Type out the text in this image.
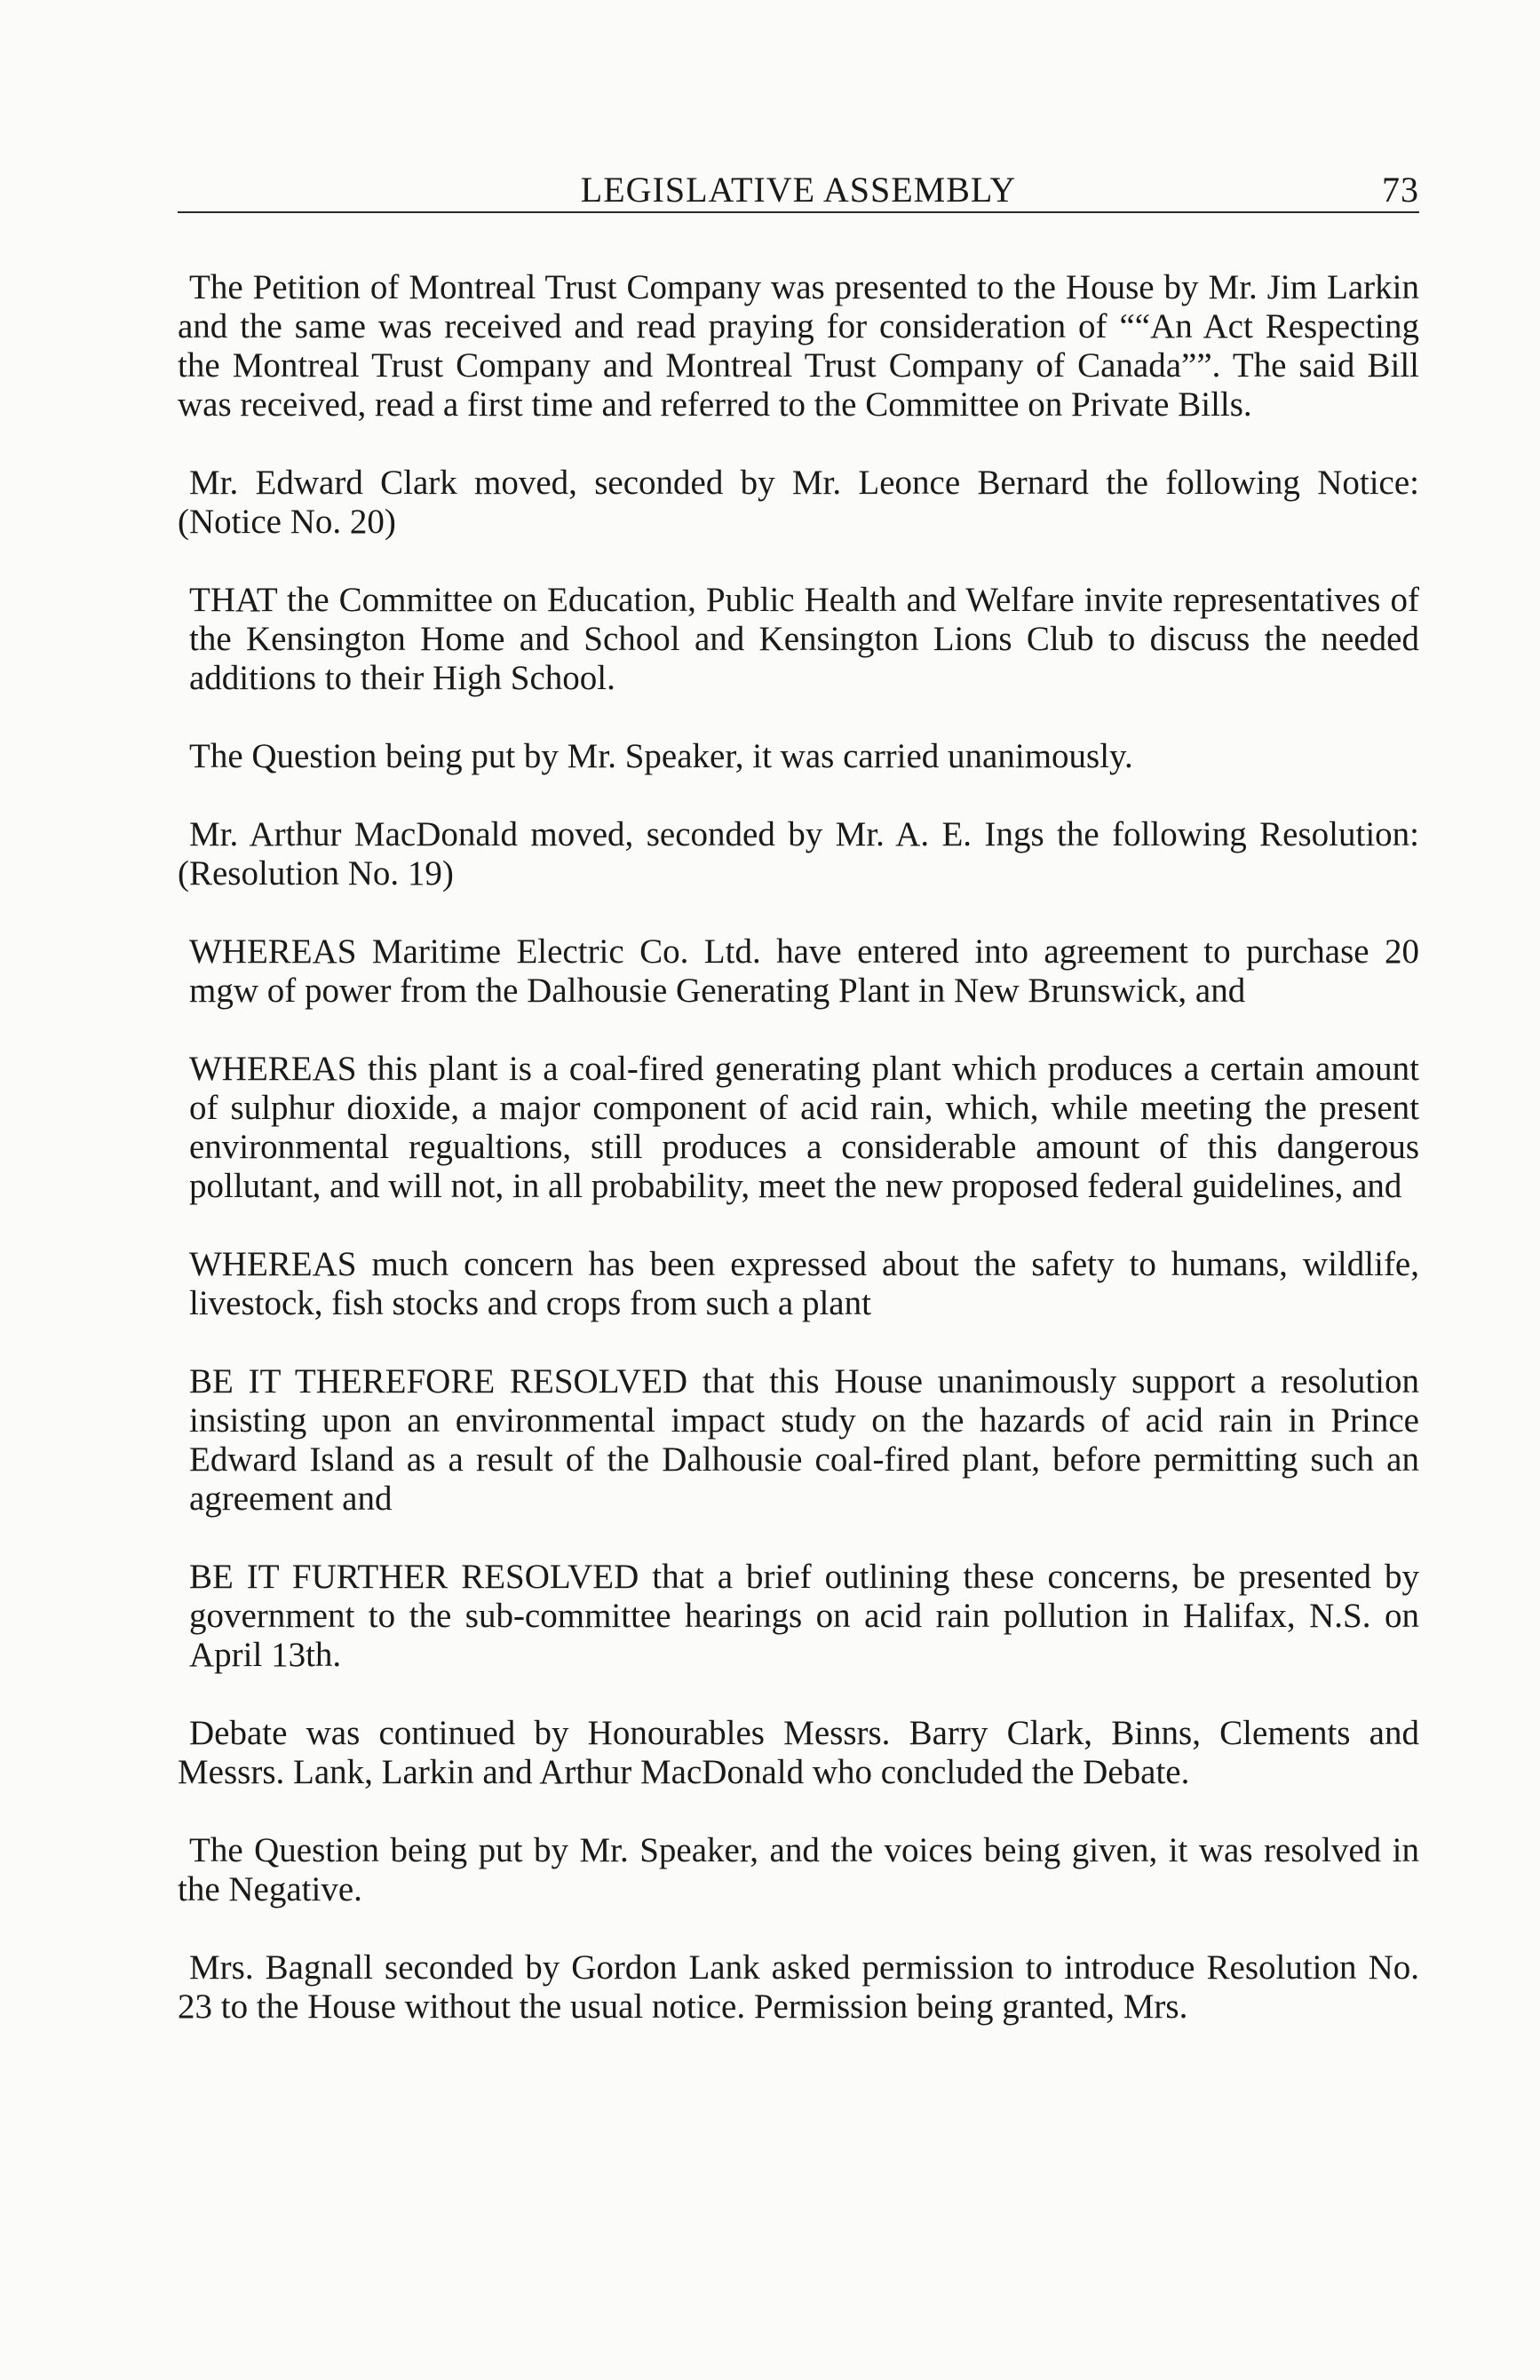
LEGISLATIVE ASSEMBLY	73

The Petition of Montreal Trust Company was presented to the House by Mr. Jim Larkin and the same was received and read praying for consideration of ““An Act Respecting the Montreal Trust Company and Montreal Trust Company of Canada””. The said Bill was received, read a first time and referred to the Committee on Private Bills.

Mr. Edward Clark moved, seconded by Mr. Leonce Bernard the following Notice: (Notice No. 20)

THAT the Committee on Education, Public Health and Welfare invite representatives of the Kensington Home and School and Kensington Lions Club to discuss the needed additions to their High School.

The Question being put by Mr. Speaker, it was carried unanimously.

Mr. Arthur MacDonald moved, seconded by Mr. A. E. Ings the following Resolution: (Resolution No. 19)

WHEREAS Maritime Electric Co. Ltd. have entered into agreement to purchase 20 mgw of power from the Dalhousie Generating Plant in New Brunswick, and

WHEREAS this plant is a coal-fired generating plant which produces a certain amount of sulphur dioxide, a major component of acid rain, which, while meeting the present environmental regualtions, still produces a considerable amount of this dangerous pollutant, and will not, in all probability, meet the new proposed federal guidelines, and

WHEREAS much concern has been expressed about the safety to humans, wildlife, livestock, fish stocks and crops from such a plant

BE IT THEREFORE RESOLVED that this House unanimously support a resolution insisting upon an environmental impact study on the hazards of acid rain in Prince Edward Island as a result of the Dalhousie coal-fired plant, before permitting such an agreement and

BE IT FURTHER RESOLVED that a brief outlining these concerns, be presented by government to the sub-committee hearings on acid rain pollution in Halifax, N.S. on April 13th.

Debate was continued by Honourables Messrs. Barry Clark, Binns, Clements and Messrs. Lank, Larkin and Arthur MacDonald who concluded the Debate.

The Question being put by Mr. Speaker, and the voices being given, it was resolved in the Negative.

Mrs. Bagnall seconded by Gordon Lank asked permission to introduce Resolution No. 23 to the House without the usual notice. Permission being granted, Mrs.
